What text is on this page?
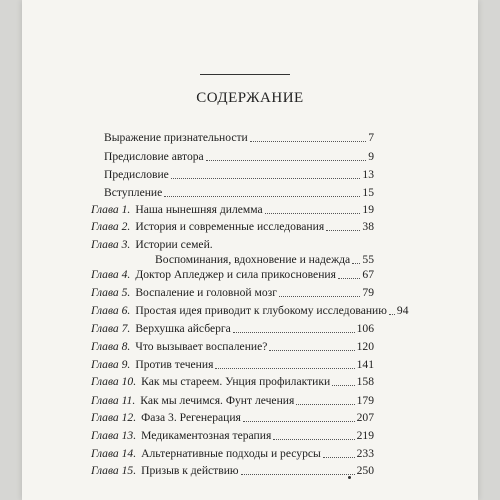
СОДЕРЖАНИЕ
Выражение признательности	7
Предисловие автора	9
Предисловие	13
Вступление	15
Глава 1. Наша нынешняя дилемма	19
Глава 2. История и современные исследования	38
Глава 3. Истории семей.
Воспоминания, вдохновение и надежда 55
Глава 4. Доктор Апледжер и сила прикосновения 67
Глава 5. Воспаление и головной мозг	79
Глава 6. Простая идея приводит к глубокому исследованию 94
Глава 7. Верхушка айсберга	106
Глава 8. Что вызывает воспаление?	120
Глава 9. Против течения	141
Глава 10. Как мы стареем. Унция профилактики 158
Глава 11. Как мы лечимся. Фунт лечения	179
Глава 12. Фаза 3. Регенерация	207
Глава 13. Медикаментозная терапия	219
Глава 14. Альтернативные подходы и ресурсы	233
Глава 15. Призыв к действию	250
